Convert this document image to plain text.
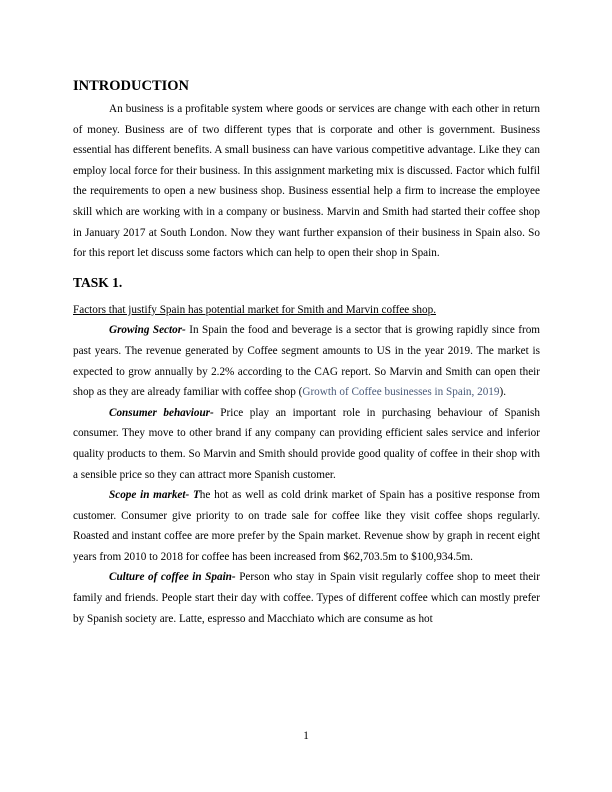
INTRODUCTION

An business is a profitable system where goods or services are change with each other in return of money. Business are of two different types that is corporate and other is government. Business essential has different benefits. A small business can have various competitive advantage. Like they can employ local force for their business. In this assignment marketing mix is discussed. Factor which fulfil the requirements to open a new business shop. Business essential help a firm to increase the employee skill which are working with in a company or business. Marvin and Smith had started their coffee shop in January 2017 at South London. Now they want further expansion of their business in Spain also. So for this report let discuss some factors which can help to open their shop in Spain.

TASK 1.

Factors that justify Spain has potential market for Smith and Marvin coffee shop.

Growing Sector- In Spain the food and beverage is a sector that is growing rapidly since from past years. The revenue generated by Coffee segment amounts to US in the year 2019. The market is expected to grow annually by 2.2% according to the CAG report. So Marvin and Smith can open their shop as they are already familiar with coffee shop (Growth of Coffee businesses in Spain, 2019).

Consumer behaviour- Price play an important role in purchasing behaviour of Spanish consumer. They move to other brand if any company can providing efficient sales service and inferior quality products to them. So Marvin and Smith should provide good quality of coffee in their shop with a sensible price so they can attract more Spanish customer.

Scope in market- The hot as well as cold drink market of Spain has a positive response from customer. Consumer give priority to on trade sale for coffee like they visit coffee shops regularly. Roasted and instant coffee are more prefer by the Spain market. Revenue show by graph in recent eight years from 2010 to 2018 for coffee has been increased from $62,703.5m to $100,934.5m.

Culture of coffee in Spain- Person who stay in Spain visit regularly coffee shop to meet their family and friends. People start their day with coffee. Types of different coffee which can mostly prefer by Spanish society are. Latte, espresso and Macchiato which are consume as hot

1
